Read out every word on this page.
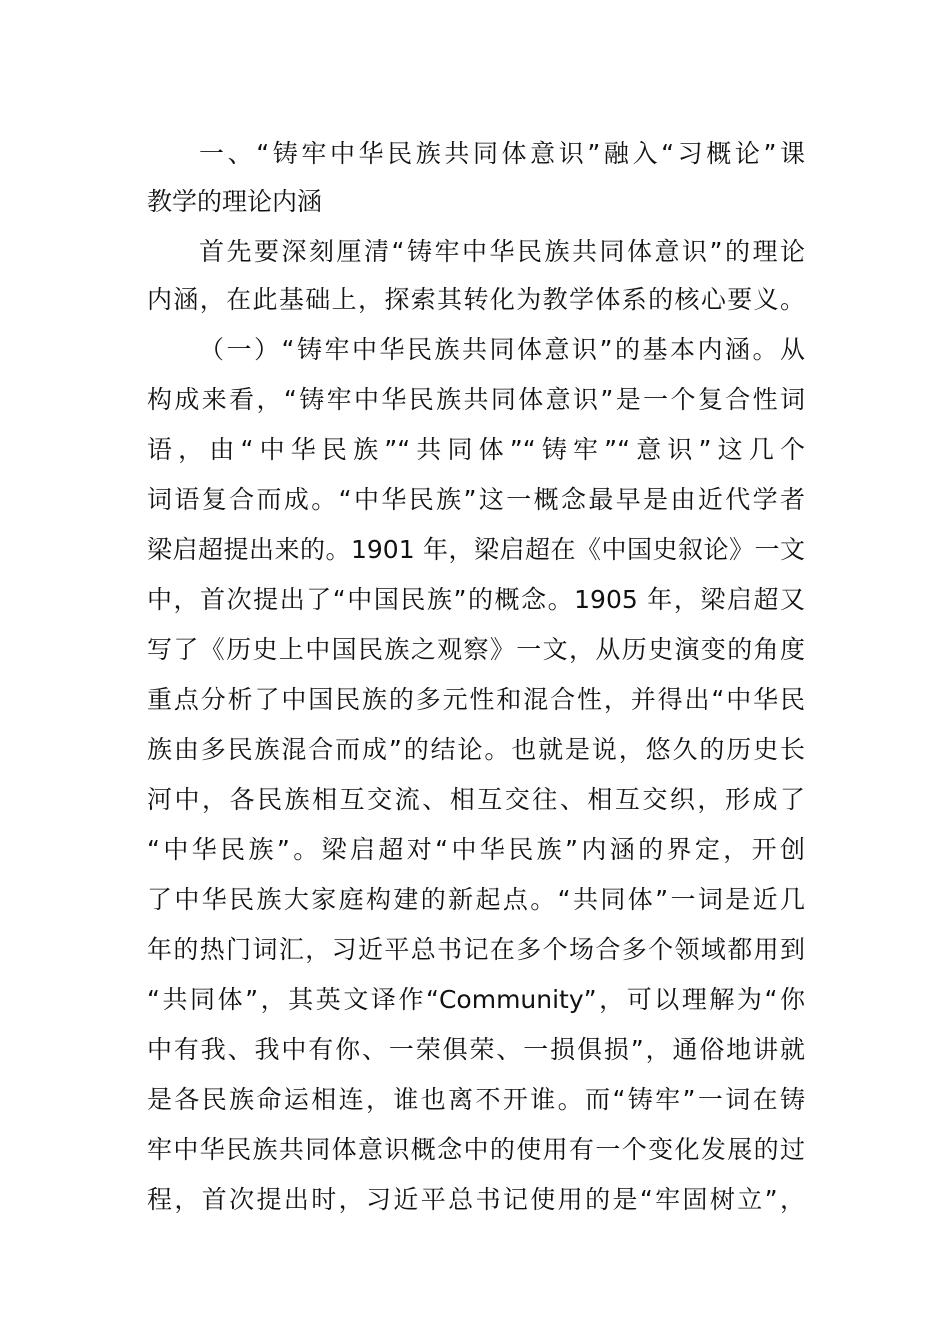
一、“铸牢中华民族共同体意识”融入“习概论”课
教学的理论内涵
首先要深刻厘清“铸牢中华民族共同体意识”的理论
内涵，在此基础上，探索其转化为教学体系的核心要义。
（一）“铸牢中华民族共同体意识”的基本内涵。从
构成来看，“铸牢中华民族共同体意识”是一个复合性词
语，由“中华民族”“共同体”“铸牢”“意识”这几个
词语复合而成。“中华民族”这一概念最早是由近代学者
梁启超提出来的。1901 年，梁启超在《中国史叙论》一文
中，首次提出了“中国民族”的概念。1905 年，梁启超又
写了《历史上中国民族之观察》一文，从历史演变的角度
重点分析了中国民族的多元性和混合性，并得出“中华民
族由多民族混合而成”的结论。也就是说，悠久的历史长
河中，各民族相互交流、相互交往、相互交织，形成了
“中华民族”。梁启超对“中华民族”内涵的界定，开创
了中华民族大家庭构建的新起点。“共同体”一词是近几
年的热门词汇，习近平总书记在多个场合多个领域都用到
“共同体”，其英文译作“Community”，可以理解为“你
中有我、我中有你、一荣俱荣、一损俱损”，通俗地讲就
是各民族命运相连，谁也离不开谁。而“铸牢”一词在铸
牢中华民族共同体意识概念中的使用有一个变化发展的过
程，首次提出时，习近平总书记使用的是“牢固树立”，
